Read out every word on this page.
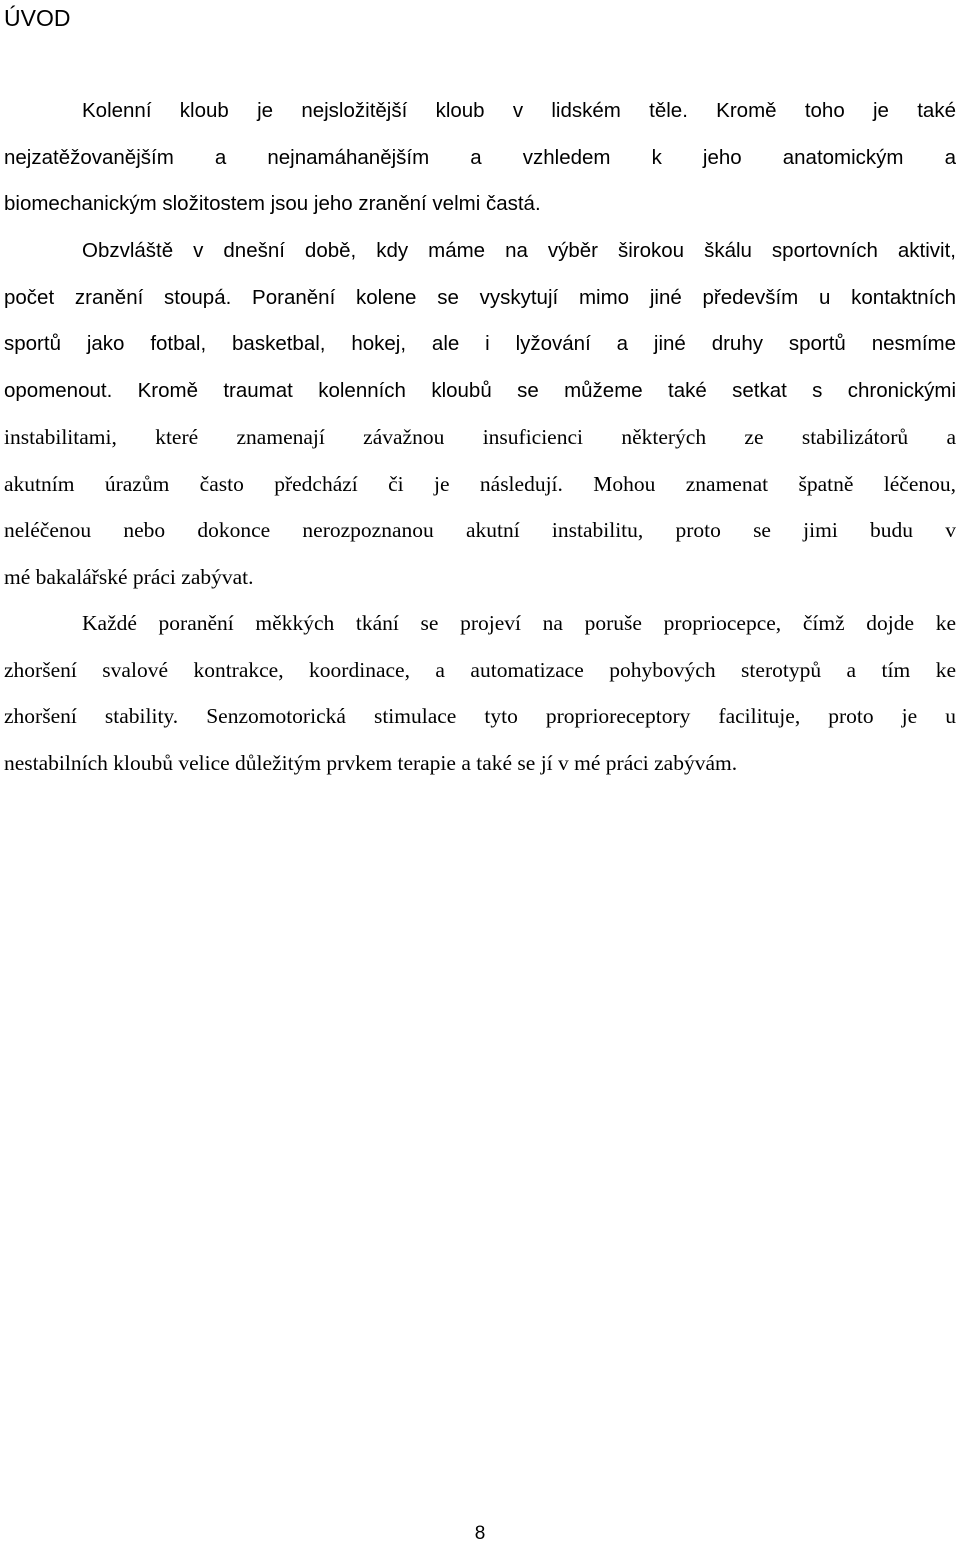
ÚVOD
Kolenní kloub je nejsložitější kloub v lidském těle. Kromě toho je také
nejzatěžovanějším a nejnamáhanějším a vzhledem k jeho anatomickým a
biomechanickým složitostem jsou jeho zranění velmi častá.
Obzvláště v dnešní době, kdy máme na výběr širokou škálu sportovních aktivit,
počet zranění stoupá. Poranění kolene se vyskytují mimo jiné především u kontaktních
sportů jako fotbal, basketbal, hokej, ale i lyžování a jiné druhy sportů nesmíme
opomenout. Kromě traumat kolenních kloubů se můžeme také setkat s chronickými
instabilitami, které znamenají závažnou insuficienci některých ze stabilizátorů a
akutním úrazům často předchází či je následují. Mohou znamenat špatně léčenou,
neléčenou nebo dokonce nerozpoznanou akutní instabilitu, proto se jimi budu v
mé bakalářské práci zabývat.
Každé poranění měkkých tkání se projeví na poruše propriocepce, čímž dojde ke
zhoršení svalové kontrakce, koordinace, a automatizace pohybových sterotypů a tím ke
zhoršení stability. Senzomotorická stimulace tyto proprioreceptory facilituje, proto je u
nestabilních kloubů velice důležitým prvkem terapie a také se jí v mé práci zabývám.
8
